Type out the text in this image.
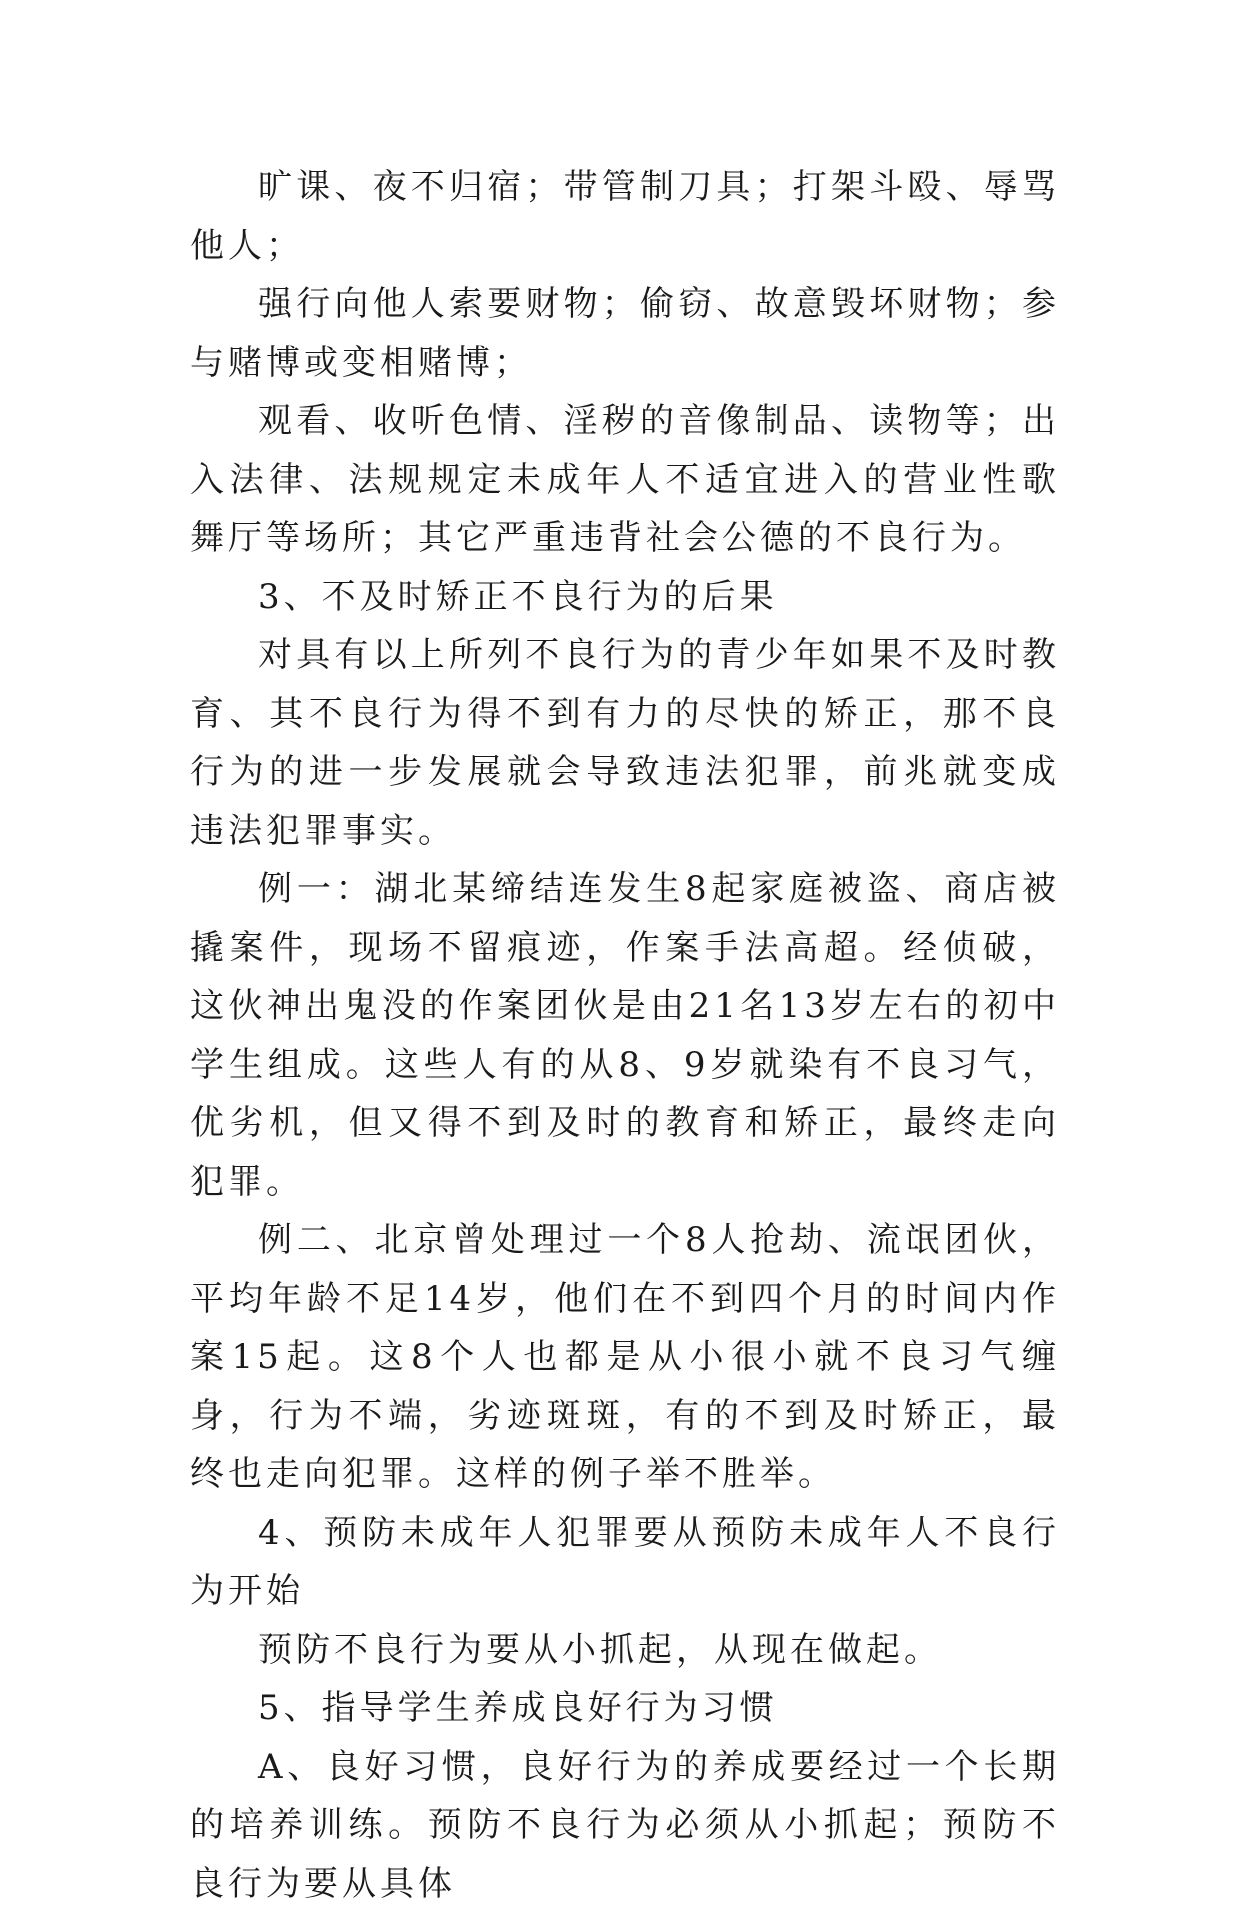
旷课、夜不归宿；带管制刀具；打架斗殴、辱骂他人；

强行向他人索要财物；偷窃、故意毁坏财物；参与赌博或变相赌博；

观看、收听色情、淫秽的音像制品、读物等；出入法律、法规规定未成年人不适宜进入的营业性歌舞厅等场所；其它严重违背社会公德的不良行为。

3、不及时矫正不良行为的后果

对具有以上所列不良行为的青少年如果不及时教育、其不良行为得不到有力的尽快的矫正，那不良行为的进一步发展就会导致违法犯罪，前兆就变成违法犯罪事实。

例一：湖北某缔结连发生8起家庭被盗、商店被撬案件，现场不留痕迹，作案手法高超。经侦破，这伙神出鬼没的作案团伙是由21名13岁左右的初中学生组成。这些人有的从8、9岁就染有不良习气，优劣机，但又得不到及时的教育和矫正，最终走向犯罪。

例二、北京曾处理过一个8人抢劫、流氓团伙，平均年龄不足14岁，他们在不到四个月的时间内作案15起。这8个人也都是从小很小就不良习气缠身，行为不端，劣迹斑斑，有的不到及时矫正，最终也走向犯罪。这样的例子举不胜举。

4、预防未成年人犯罪要从预防未成年人不良行为开始

预防不良行为要从小抓起，从现在做起。

5、指导学生养成良好行为习惯

A、良好习惯，良好行为的养成要经过一个长期的培养训练。预防不良行为必须从小抓起；预防不良行为要从具体
